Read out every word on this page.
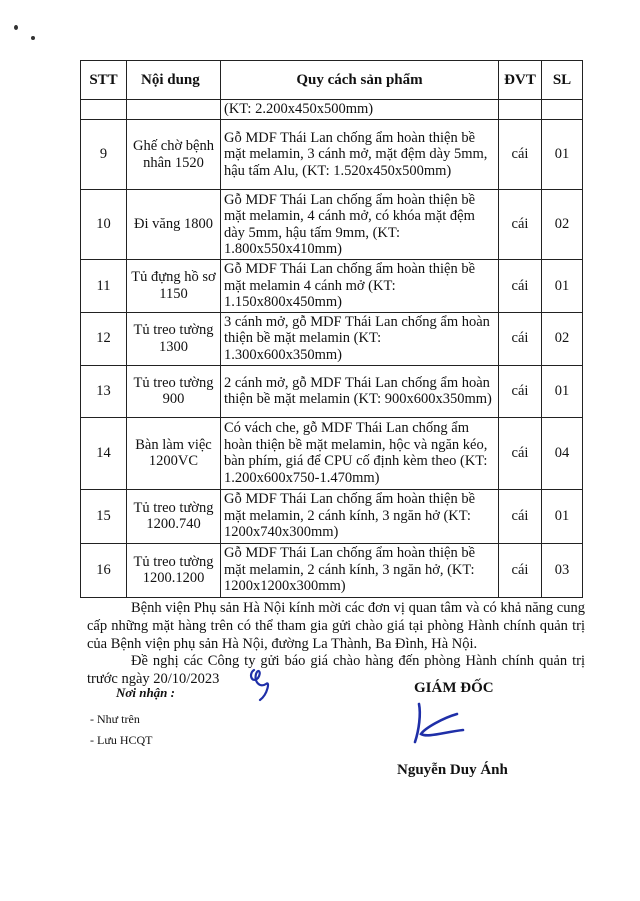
STT	Nội dung	Quy cách sản phẩm	ĐVT	SL
		(KT: 2.200x450x500mm)		
9	Ghế chờ bệnh nhân 1520	Gỗ MDF Thái Lan chống ẩm hoàn thiện bề mặt melamin, 3 cánh mở, mặt đệm dày 5mm, hậu tấm Alu, (KT: 1.520x450x500mm)	cái	01
10	Đi văng 1800	Gỗ MDF Thái Lan chống ẩm hoàn thiện bề mặt melamin, 4 cánh mở, có khóa mặt đệm dày 5mm, hậu tấm 9mm, (KT: 1.800x550x410mm)	cái	02
11	Tủ đựng hồ sơ 1150	Gỗ MDF Thái Lan chống ẩm hoàn thiện bề mặt melamin 4 cánh mở (KT: 1.150x800x450mm)	cái	01
12	Tủ treo tường 1300	3 cánh mở, gỗ MDF Thái Lan chống ẩm hoàn thiện bề mặt melamin (KT: 1.300x600x350mm)	cái	02
13	Tủ treo tường 900	2 cánh mở, gỗ MDF Thái Lan chống ẩm hoàn thiện bề mặt melamin (KT: 900x600x350mm)	cái	01
14	Bàn làm việc 1200VC	Có vách che, gỗ MDF Thái Lan chống ẩm hoàn thiện bề mặt melamin, hộc và ngăn kéo, bàn phím, giá để CPU cố định kèm theo (KT: 1.200x600x750-1.470mm)	cái	04
15	Tủ treo tường 1200.740	Gỗ MDF Thái Lan chống ẩm hoàn thiện bề mặt melamin, 2 cánh kính, 3 ngăn hở (KT: 1200x740x300mm)	cái	01
16	Tủ treo tường 1200.1200	Gỗ MDF Thái Lan chống ẩm hoàn thiện bề mặt melamin, 2 cánh kính, 3 ngăn hở, (KT: 1200x1200x300mm)	cái	03
Bệnh viện Phụ sản Hà Nội kính mời các đơn vị quan tâm và có khả năng cung cấp những mặt hàng trên có thể tham gia gửi chào giá tại phòng Hành chính quản trị của Bệnh viện phụ sản Hà Nội, đường La Thành, Ba Đình, Hà Nội.
Đề nghị các Công ty gửi báo giá chào hàng đến phòng Hành chính quản trị trước ngày 20/10/2023
Nơi nhận :
- Như trên
- Lưu HCQT
GIÁM ĐỐC
Nguyễn Duy Ánh
